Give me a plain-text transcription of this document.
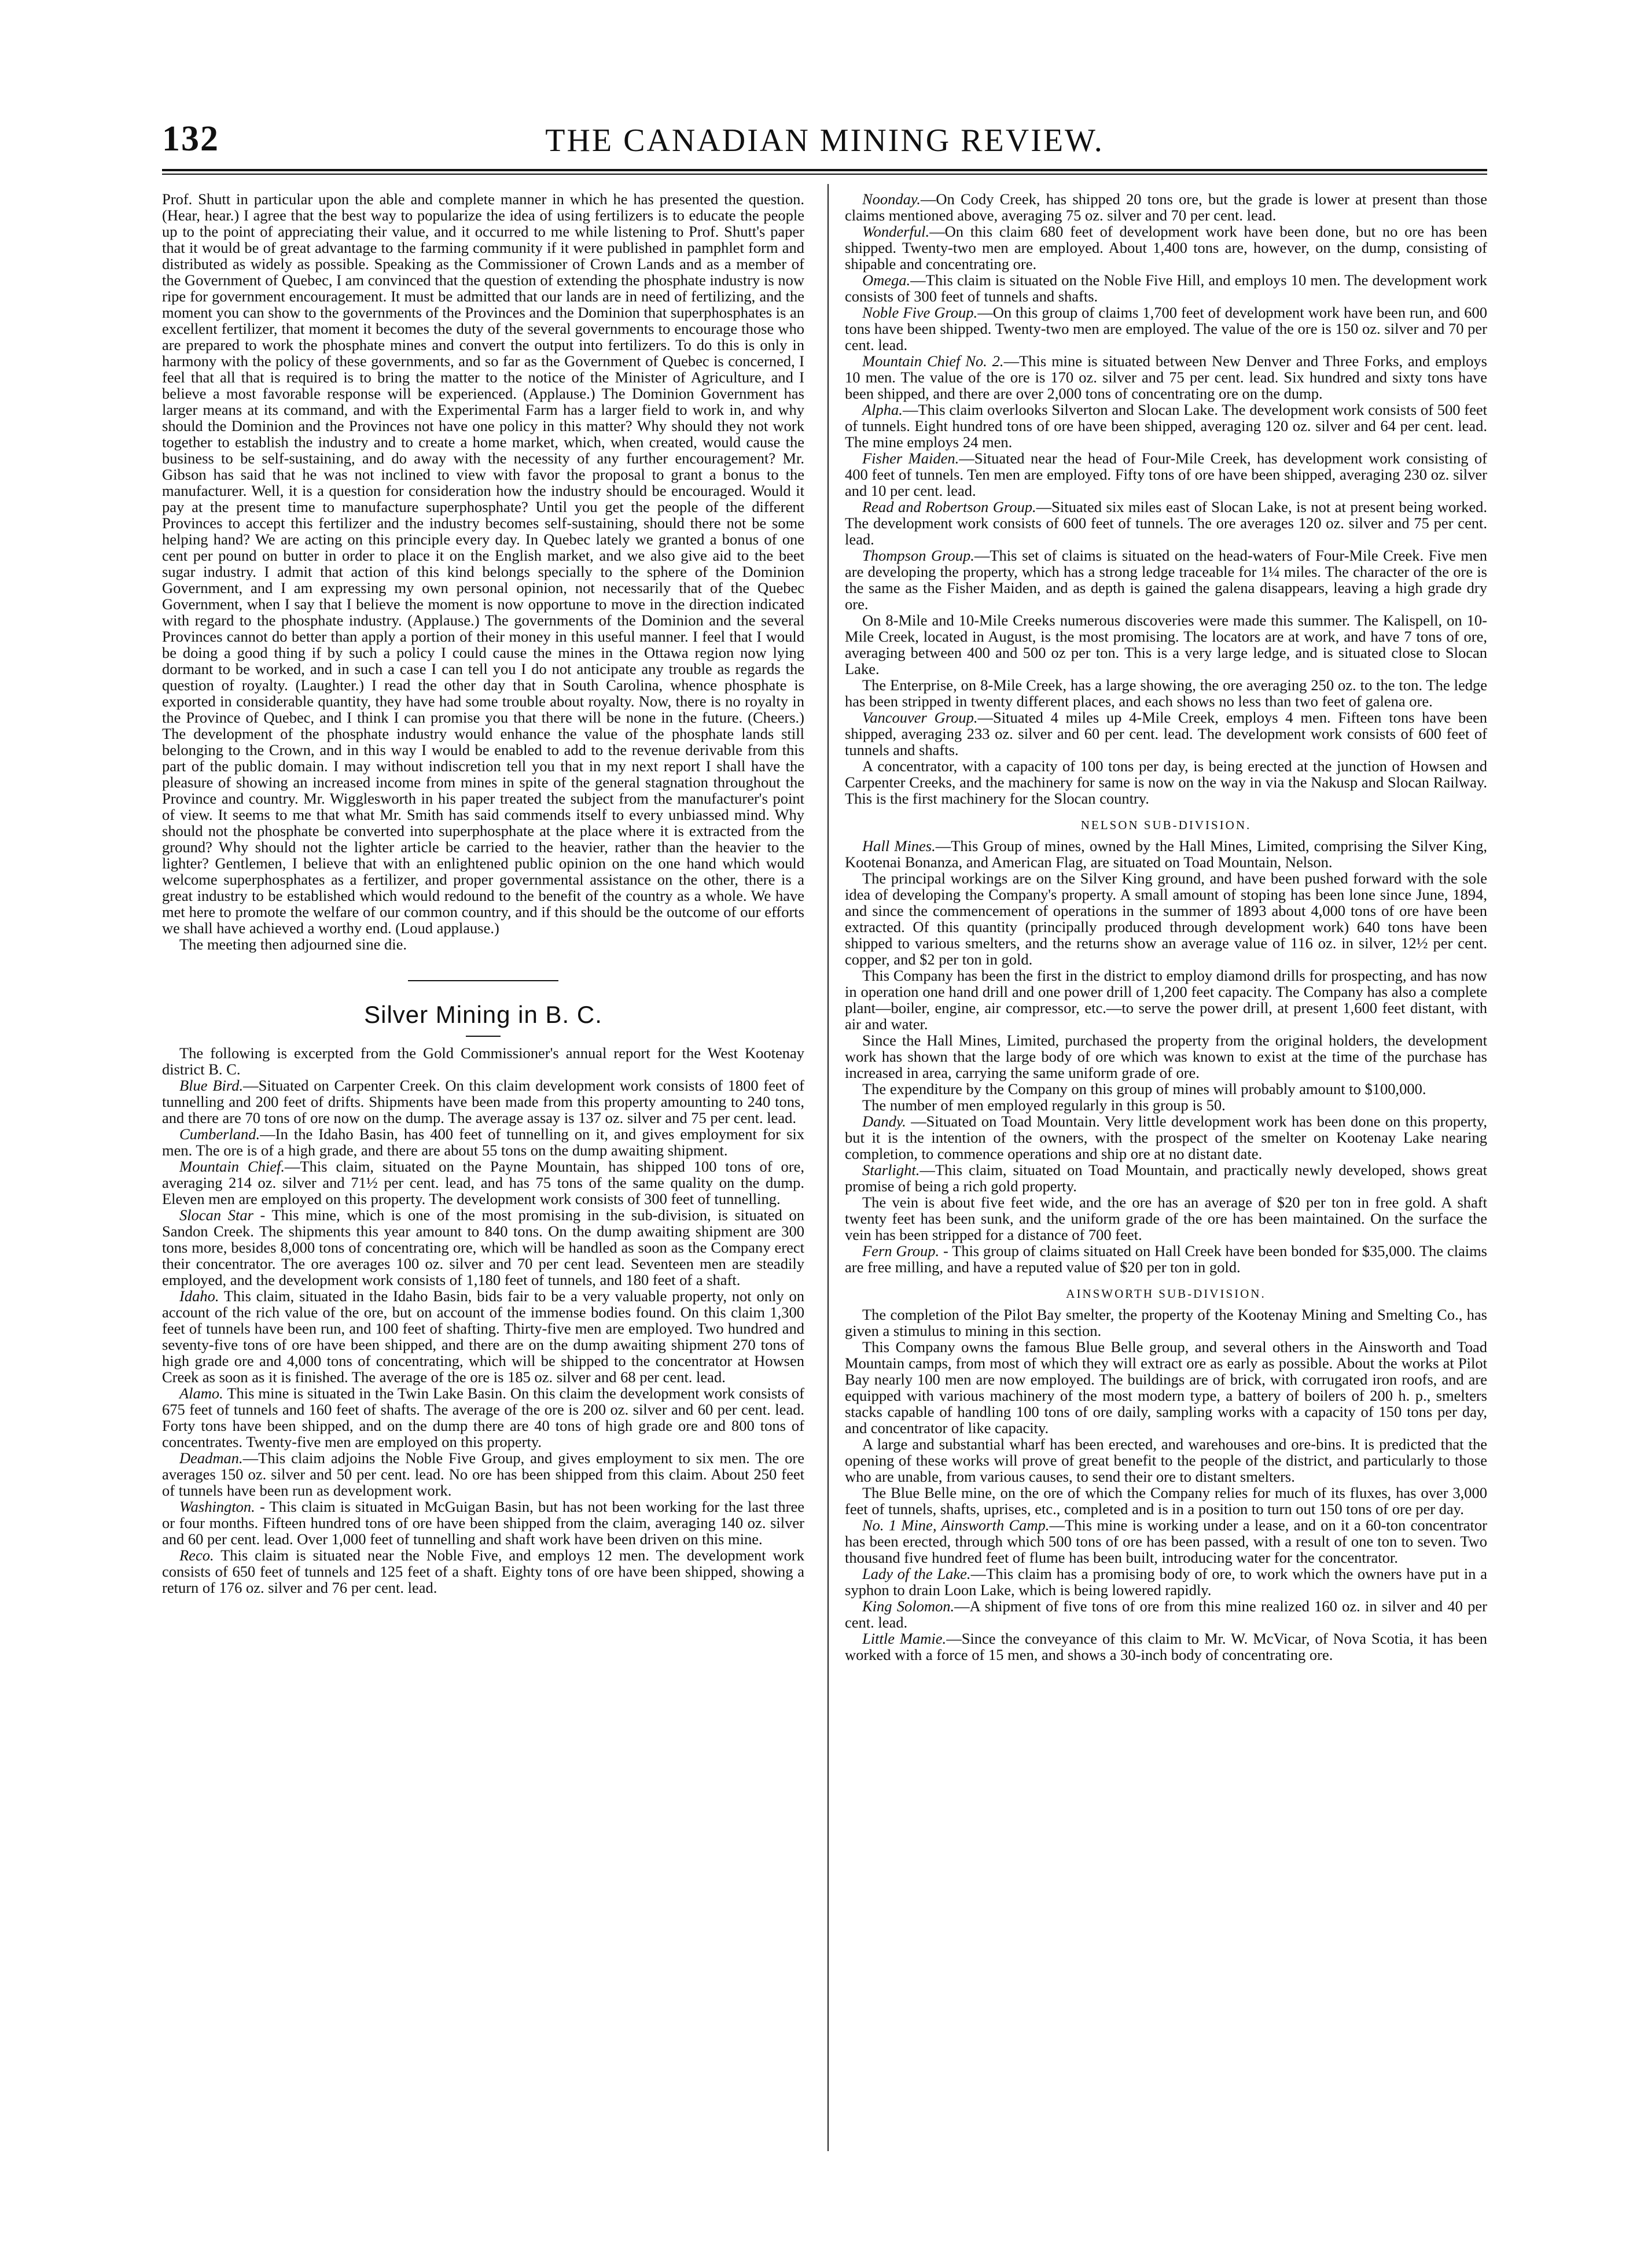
132	THE CANADIAN MINING REVIEW.

Prof. Shutt in particular upon the able and complete manner in which he has presented the question. (Hear, hear.) I agree that the best way to popularize the idea of using fertilizers is to educate the people up to the point of appreciating their value, and it occurred to me while listening to Prof. Shutt's paper that it would be of great advantage to the farming community if it were published in pamphlet form and distributed as widely as possible. Speaking as the Commissioner of Crown Lands and as a member of the Government of Quebec, I am convinced that the question of extending the phosphate industry is now ripe for government encouragement. It must be admitted that our lands are in need of fertilizing, and the moment you can show to the governments of the Provinces and the Dominion that superphosphates is an excellent fertilizer, that moment it becomes the duty of the several governments to encourage those who are prepared to work the phosphate mines and convert the output into fertilizers. To do this is only in harmony with the policy of these governments, and so far as the Government of Quebec is concerned, I feel that all that is required is to bring the matter to the notice of the Minister of Agriculture, and I believe a most favorable response will be experienced. (Applause.) The Dominion Government has larger means at its command, and with the Experimental Farm has a larger field to work in, and why should the Dominion and the Provinces not have one policy in this matter? Why should they not work together to establish the industry and to create a home market, which, when created, would cause the business to be self-sustaining, and do away with the necessity of any further encouragement? Mr. Gibson has said that he was not inclined to view with favor the proposal to grant a bonus to the manufacturer. Well, it is a question for consideration how the industry should be encouraged. Would it pay at the present time to manufacture superphosphate? Until you get the people of the different Provinces to accept this fertilizer and the industry becomes self-sustaining, should there not be some helping hand? We are acting on this principle every day. In Quebec lately we granted a bonus of one cent per pound on butter in order to place it on the English market, and we also give aid to the beet sugar industry. I admit that action of this kind belongs specially to the sphere of the Dominion Government, and I am expressing my own personal opinion, not necessarily that of the Quebec Government, when I say that I believe the moment is now opportune to move in the direction indicated with regard to the phosphate industry. (Applause.) The governments of the Dominion and the several Provinces cannot do better than apply a portion of their money in this useful manner. I feel that I would be doing a good thing if by such a policy I could cause the mines in the Ottawa region now lying dormant to be worked, and in such a case I can tell you I do not anticipate any trouble as regards the question of royalty. (Laughter.) I read the other day that in South Carolina, whence phosphate is exported in considerable quantity, they have had some trouble about royalty. Now, there is no royalty in the Province of Quebec, and I think I can promise you that there will be none in the future. (Cheers.) The development of the phosphate industry would enhance the value of the phosphate lands still belonging to the Crown, and in this way I would be enabled to add to the revenue derivable from this part of the public domain. I may without indiscretion tell you that in my next report I shall have the pleasure of showing an increased income from mines in spite of the general stagnation throughout the Province and country. Mr. Wigglesworth in his paper treated the subject from the manufacturer's point of view. It seems to me that what Mr. Smith has said commends itself to every unbiassed mind. Why should not the phosphate be converted into superphosphate at the place where it is extracted from the ground? Why should not the lighter article be carried to the heavier, rather than the heavier to the lighter? Gentlemen, I believe that with an enlightened public opinion on the one hand which would welcome superphosphates as a fertilizer, and proper governmental assistance on the other, there is a great industry to be established which would redound to the benefit of the country as a whole. We have met here to promote the welfare of our common country, and if this should be the outcome of our efforts we shall have achieved a worthy end. (Loud applause.)

The meeting then adjourned sine die.

Silver Mining in B. C.

The following is excerpted from the Gold Commissioner's annual report for the West Kootenay district B. C.

Blue Bird.—Situated on Carpenter Creek. On this claim development work consists of 1800 feet of tunnelling and 200 feet of drifts. Shipments have been made from this property amounting to 240 tons, and there are 70 tons of ore now on the dump. The average assay is 137 oz. silver and 75 per cent. lead.

Cumberland.—In the Idaho Basin, has 400 feet of tunnelling on it, and gives employment for six men. The ore is of a high grade, and there are about 55 tons on the dump awaiting shipment.

Mountain Chief.—This claim, situated on the Payne Mountain, has shipped 100 tons of ore, averaging 214 oz. silver and 71½ per cent. lead, and has 75 tons of the same quality on the dump. Eleven men are employed on this property. The development work consists of 300 feet of tunnelling.

Slocan Star - This mine, which is one of the most promising in the sub-division, is situated on Sandon Creek. The shipments this year amount to 840 tons. On the dump awaiting shipment are 300 tons more, besides 8,000 tons of concentrating ore, which will be handled as soon as the Company erect their concentrator. The ore averages 100 oz. silver and 70 per cent lead. Seventeen men are steadily employed, and the development work consists of 1,180 feet of tunnels, and 180 feet of a shaft.

Idaho. This claim, situated in the Idaho Basin, bids fair to be a very valuable property, not only on account of the rich value of the ore, but on account of the immense bodies found. On this claim 1,300 feet of tunnels have been run, and 100 feet of shafting. Thirty-five men are employed. Two hundred and seventy-five tons of ore have been shipped, and there are on the dump awaiting shipment 270 tons of high grade ore and 4,000 tons of concentrating, which will be shipped to the concentrator at Howsen Creek as soon as it is finished. The average of the ore is 185 oz. silver and 68 per cent. lead.

Alamo. This mine is situated in the Twin Lake Basin. On this claim the development work consists of 675 feet of tunnels and 160 feet of shafts. The average of the ore is 200 oz. silver and 60 per cent. lead. Forty tons have been shipped, and on the dump there are 40 tons of high grade ore and 800 tons of concentrates. Twenty-five men are employed on this property.

Deadman.—This claim adjoins the Noble Five Group, and gives employment to six men. The ore averages 150 oz. silver and 50 per cent. lead. No ore has been shipped from this claim. About 250 feet of tunnels have been run as development work.

Washington. - This claim is situated in McGuigan Basin, but has not been working for the last three or four months. Fifteen hundred tons of ore have been shipped from the claim, averaging 140 oz. silver and 60 per cent. lead. Over 1,000 feet of tunnelling and shaft work have been driven on this mine.

Reco. This claim is situated near the Noble Five, and employs 12 men. The development work consists of 650 feet of tunnels and 125 feet of a shaft. Eighty tons of ore have been shipped, showing a return of 176 oz. silver and 76 per cent. lead.

Noonday.—On Cody Creek, has shipped 20 tons ore, but the grade is lower at present than those claims mentioned above, averaging 75 oz. silver and 70 per cent. lead.

Wonderful.—On this claim 680 feet of development work have been done, but no ore has been shipped. Twenty-two men are employed. About 1,400 tons are, however, on the dump, consisting of shipable and concentrating ore.

Omega.—This claim is situated on the Noble Five Hill, and employs 10 men. The development work consists of 300 feet of tunnels and shafts.

Noble Five Group.—On this group of claims 1,700 feet of development work have been run, and 600 tons have been shipped. Twenty-two men are employed. The value of the ore is 150 oz. silver and 70 per cent. lead.

Mountain Chief No. 2.—This mine is situated between New Denver and Three Forks, and employs 10 men. The value of the ore is 170 oz. silver and 75 per cent. lead. Six hundred and sixty tons have been shipped, and there are over 2,000 tons of concentrating ore on the dump.

Alpha.—This claim overlooks Silverton and Slocan Lake. The development work consists of 500 feet of tunnels. Eight hundred tons of ore have been shipped, averaging 120 oz. silver and 64 per cent. lead. The mine employs 24 men.

Fisher Maiden.—Situated near the head of Four-Mile Creek, has development work consisting of 400 feet of tunnels. Ten men are employed. Fifty tons of ore have been shipped, averaging 230 oz. silver and 10 per cent. lead.

Read and Robertson Group.—Situated six miles east of Slocan Lake, is not at present being worked. The development work consists of 600 feet of tunnels. The ore averages 120 oz. silver and 75 per cent. lead.

Thompson Group.—This set of claims is situated on the head-waters of Four-Mile Creek. Five men are developing the property, which has a strong ledge traceable for 1¼ miles. The character of the ore is the same as the Fisher Maiden, and as depth is gained the galena disappears, leaving a high grade dry ore.

On 8-Mile and 10-Mile Creeks numerous discoveries were made this summer. The Kalispell, on 10-Mile Creek, located in August, is the most promising. The locators are at work, and have 7 tons of ore, averaging between 400 and 500 oz per ton. This is a very large ledge, and is situated close to Slocan Lake.

The Enterprise, on 8-Mile Creek, has a large showing, the ore averaging 250 oz. to the ton. The ledge has been stripped in twenty different places, and each shows no less than two feet of galena ore.

Vancouver Group.—Situated 4 miles up 4-Mile Creek, employs 4 men. Fifteen tons have been shipped, averaging 233 oz. silver and 60 per cent. lead. The development work consists of 600 feet of tunnels and shafts.

A concentrator, with a capacity of 100 tons per day, is being erected at the junction of Howsen and Carpenter Creeks, and the machinery for same is now on the way in via the Nakusp and Slocan Railway. This is the first machinery for the Slocan country.

NELSON SUB-DIVISION.

Hall Mines.—This Group of mines, owned by the Hall Mines, Limited, comprising the Silver King, Kootenai Bonanza, and American Flag, are situated on Toad Mountain, Nelson.

The principal workings are on the Silver King ground, and have been pushed forward with the sole idea of developing the Company's property. A small amount of stoping has been lone since June, 1894, and since the commencement of operations in the summer of 1893 about 4,000 tons of ore have been extracted. Of this quantity (principally produced through development work) 640 tons have been shipped to various smelters, and the returns show an average value of 116 oz. in silver, 12½ per cent. copper, and $2 per ton in gold.

This Company has been the first in the district to employ diamond drills for prospecting, and has now in operation one hand drill and one power drill of 1,200 feet capacity. The Company has also a complete plant—boiler, engine, air compressor, etc.—to serve the power drill, at present 1,600 feet distant, with air and water.

Since the Hall Mines, Limited, purchased the property from the original holders, the development work has shown that the large body of ore which was known to exist at the time of the purchase has increased in area, carrying the same uniform grade of ore.

The expenditure by the Company on this group of mines will probably amount to $100,000.

The number of men employed regularly in this group is 50.

Dandy. —Situated on Toad Mountain. Very little development work has been done on this property, but it is the intention of the owners, with the prospect of the smelter on Kootenay Lake nearing completion, to commence operations and ship ore at no distant date.

Starlight.—This claim, situated on Toad Mountain, and practically newly developed, shows great promise of being a rich gold property.

The vein is about five feet wide, and the ore has an average of $20 per ton in free gold. A shaft twenty feet has been sunk, and the uniform grade of the ore has been maintained. On the surface the vein has been stripped for a distance of 700 feet.

Fern Group. - This group of claims situated on Hall Creek have been bonded for $35,000. The claims are free milling, and have a reputed value of $20 per ton in gold.

AINSWORTH SUB-DIVISION.

The completion of the Pilot Bay smelter, the property of the Kootenay Mining and Smelting Co., has given a stimulus to mining in this section.

This Company owns the famous Blue Belle group, and several others in the Ainsworth and Toad Mountain camps, from most of which they will extract ore as early as possible. About the works at Pilot Bay nearly 100 men are now employed. The buildings are of brick, with corrugated iron roofs, and are equipped with various machinery of the most modern type, a battery of boilers of 200 h. p., smelters stacks capable of handling 100 tons of ore daily, sampling works with a capacity of 150 tons per day, and concentrator of like capacity.

A large and substantial wharf has been erected, and warehouses and ore-bins. It is predicted that the opening of these works will prove of great benefit to the people of the district, and particularly to those who are unable, from various causes, to send their ore to distant smelters.

The Blue Belle mine, on the ore of which the Company relies for much of its fluxes, has over 3,000 feet of tunnels, shafts, uprises, etc., completed and is in a position to turn out 150 tons of ore per day.

No. 1 Mine, Ainsworth Camp.—This mine is working under a lease, and on it a 60-ton concentrator has been erected, through which 500 tons of ore has been passed, with a result of one ton to seven. Two thousand five hundred feet of flume has been built, introducing water for the concentrator.

Lady of the Lake.—This claim has a promising body of ore, to work which the owners have put in a syphon to drain Loon Lake, which is being lowered rapidly.

King Solomon.—A shipment of five tons of ore from this mine realized 160 oz. in silver and 40 per cent. lead.

Little Mamie.—Since the conveyance of this claim to Mr. W. McVicar, of Nova Scotia, it has been worked with a force of 15 men, and shows a 30-inch body of concentrating ore.
